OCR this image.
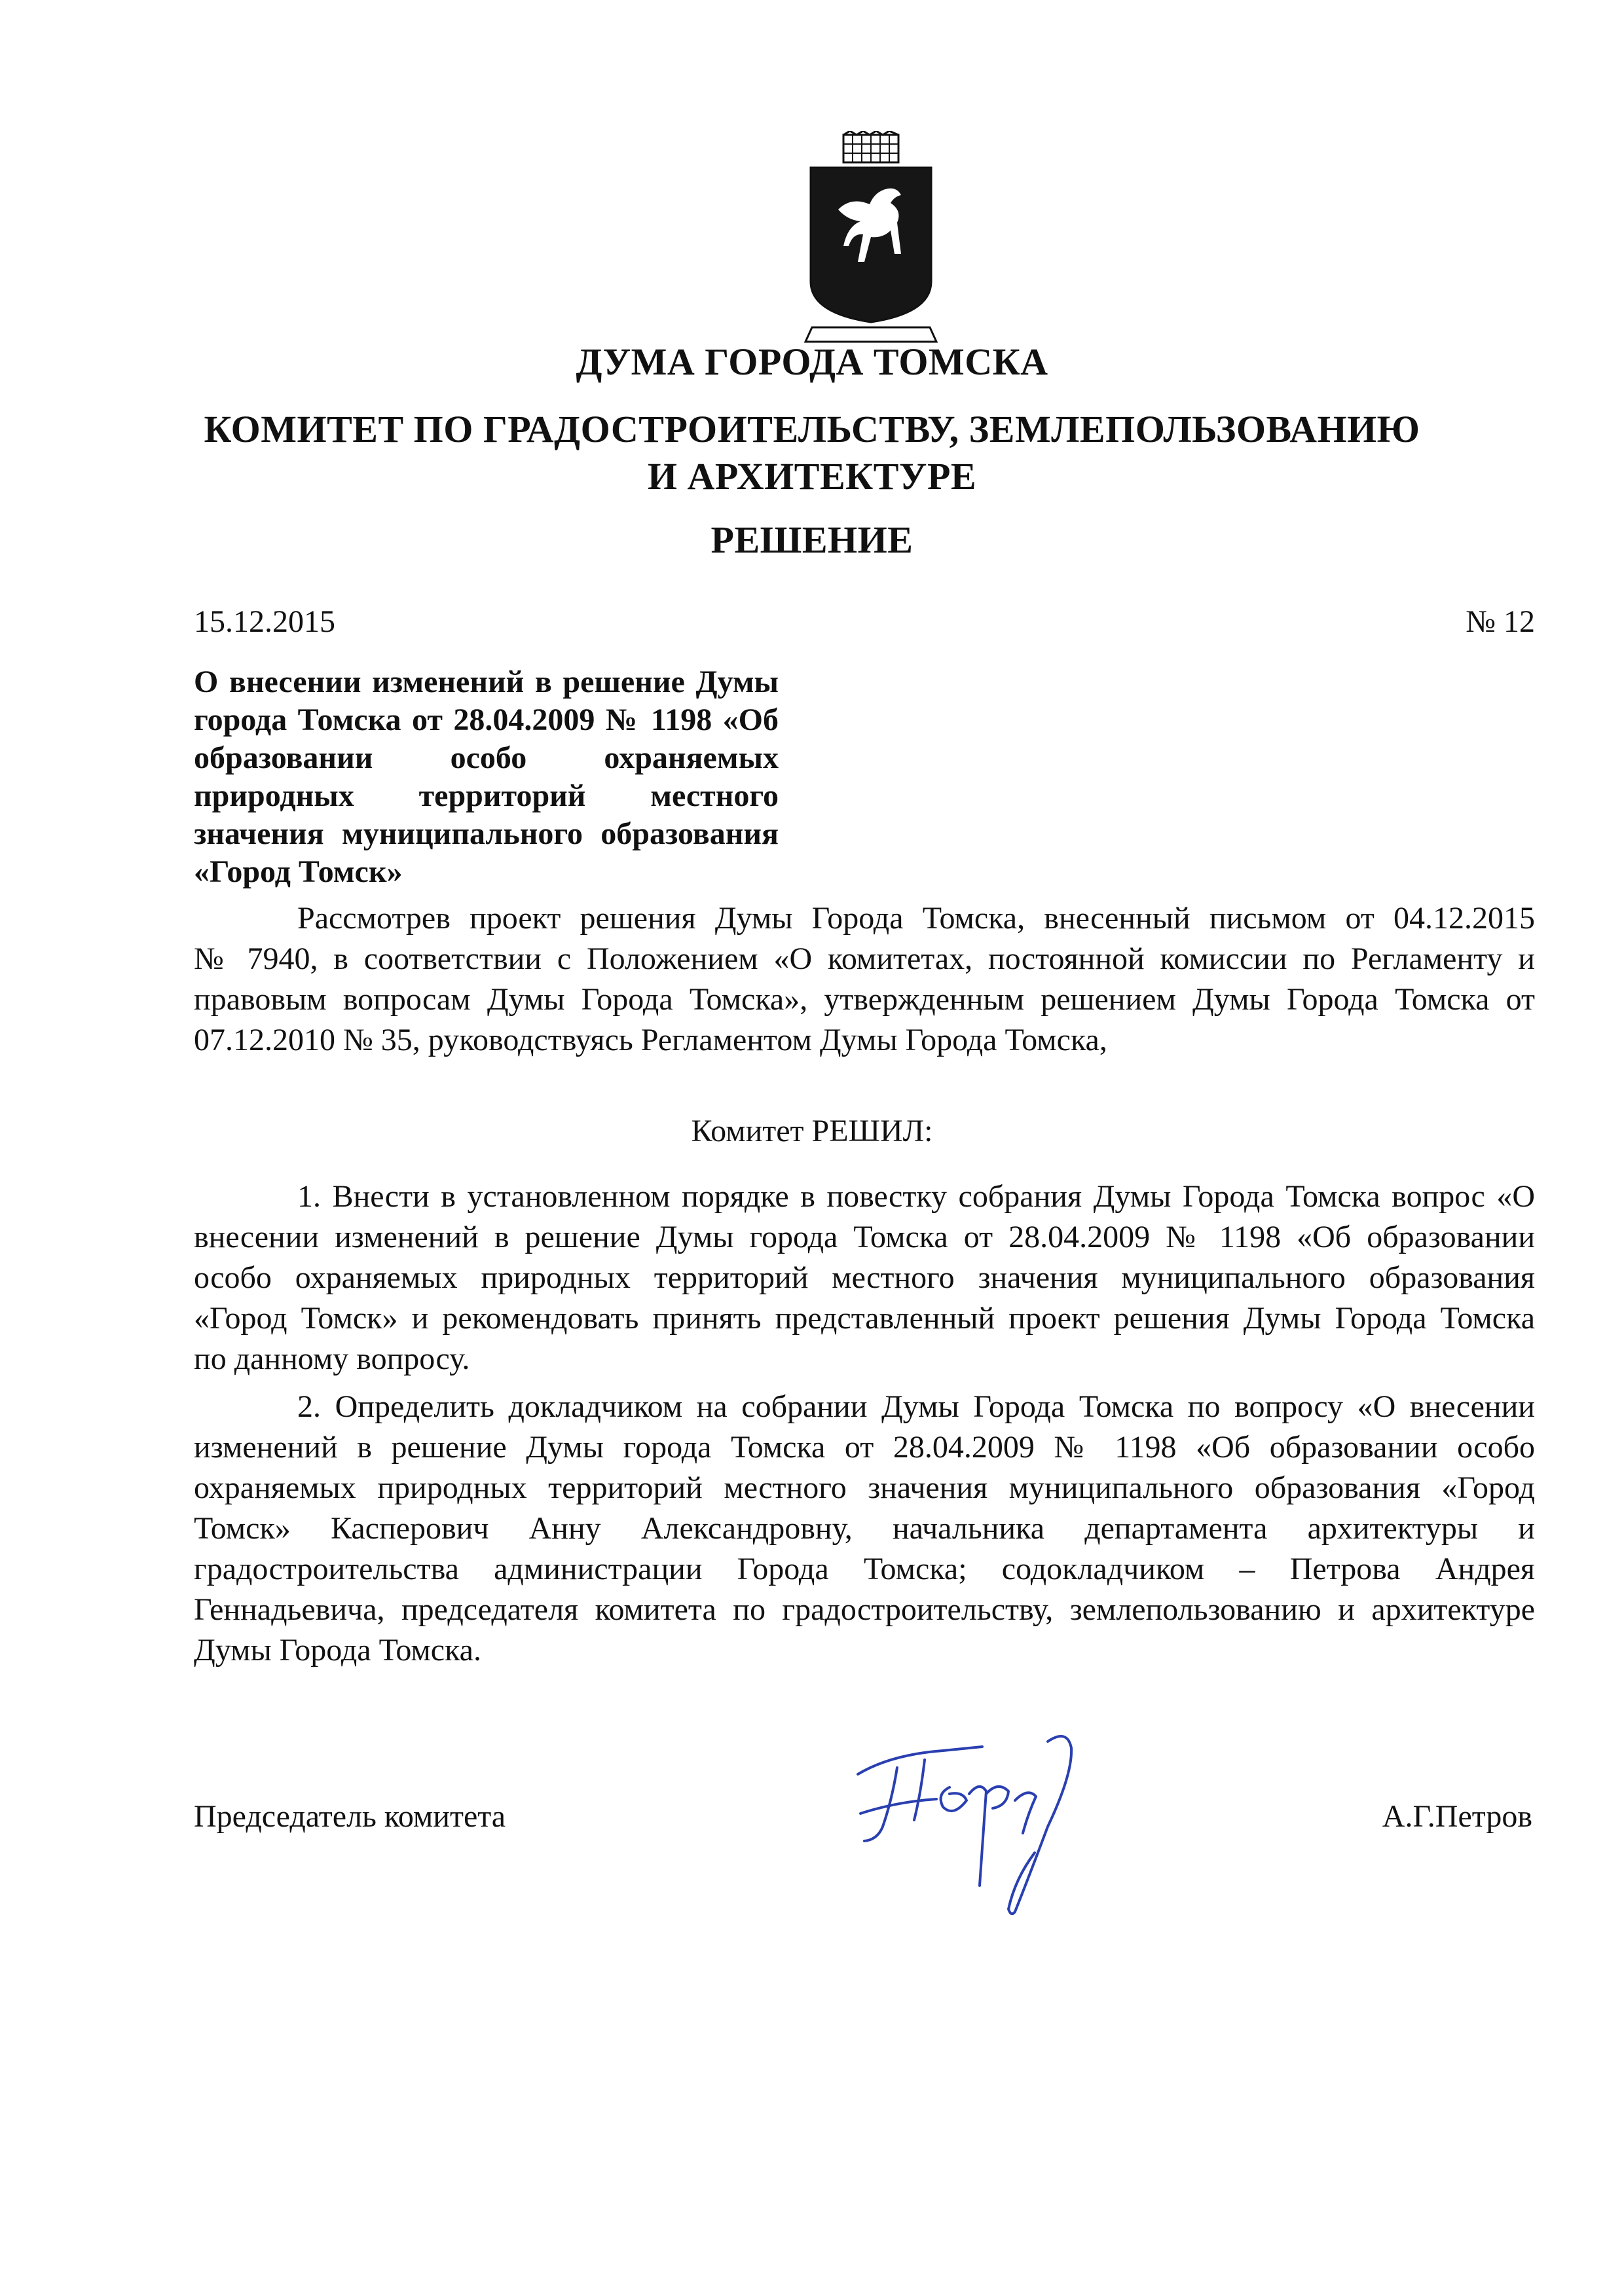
ДУМА ГОРОДА ТОМСКА
КОМИТЕТ ПО ГРАДОСТРОИТЕЛЬСТВУ, ЗЕМЛЕПОЛЬЗОВАНИЮ
И АРХИТЕКТУРЕ
РЕШЕНИЕ
15.12.2015	№ 12
О внесении изменений в решение Думы
города Томска от 28.04.2009 № 1198 «Об
образовании особо охраняемых
природных территорий местного
значения муниципального образования
«Город Томск»
Рассмотрев проект решения Думы Города Томска, внесенный письмом от 04.12.2015
№ 7940, в соответствии с Положением «О комитетах, постоянной комиссии по Регламенту и
правовым вопросам Думы Города Томска», утвержденным решением Думы Города Томска от
07.12.2010 № 35, руководствуясь Регламентом Думы Города Томска,
Комитет РЕШИЛ:
1. Внести в установленном порядке в повестку собрания Думы Города Томска вопрос «О
внесении изменений в решение Думы города Томска от 28.04.2009 № 1198 «Об образовании
особо охраняемых природных территорий местного значения муниципального образования
«Город Томск» и рекомендовать принять представленный проект решения Думы Города Томска
по данному вопросу.
2. Определить докладчиком на собрании Думы Города Томска по вопросу «О внесении
изменений в решение Думы города Томска от 28.04.2009 № 1198 «Об образовании особо
охраняемых природных территорий местного значения муниципального образования «Город
Томск» Касперович Анну Александровну, начальника департамента архитектуры и
градостроительства администрации Города Томска; содокладчиком – Петрова Андрея
Геннадьевича, председателя комитета по градостроительству, землепользованию и архитектуре
Думы Города Томска.
Председатель комитета	А.Г.Петров
